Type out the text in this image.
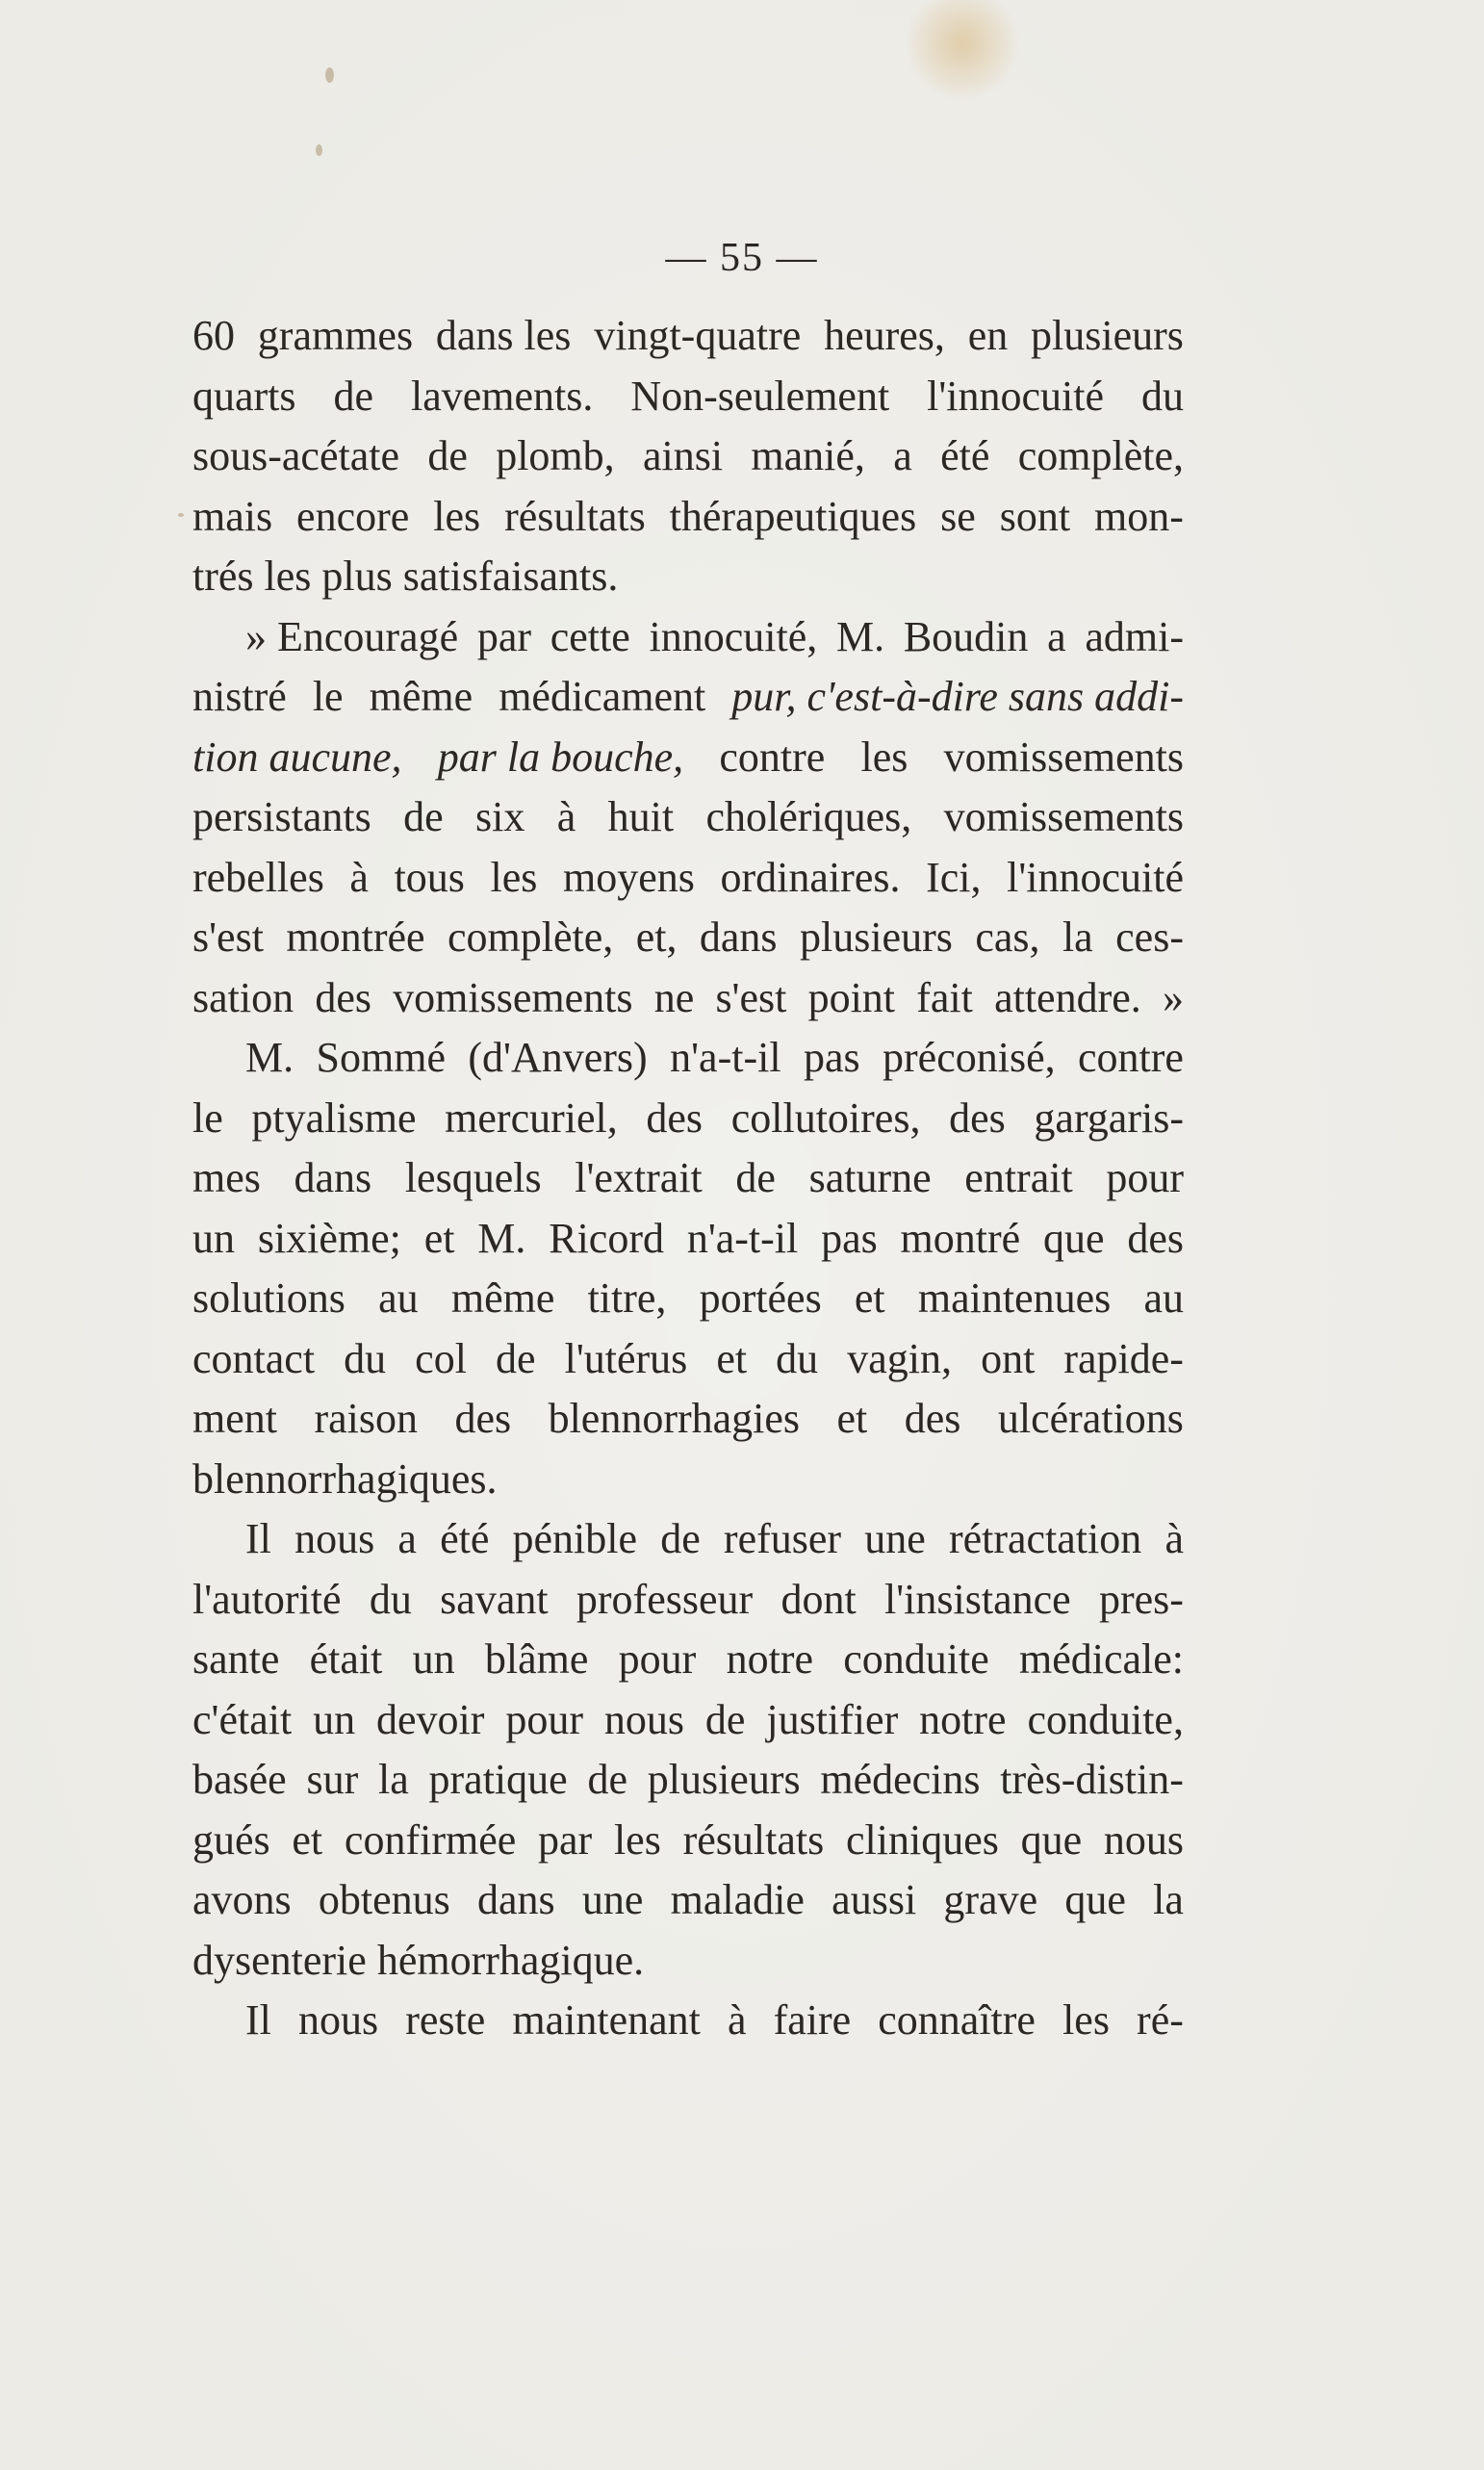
— 55 —
60 grammes dans les vingt-quatre heures, en plusieurs
quarts de lavements. Non-seulement l'innocuité du
sous-acétate de plomb, ainsi manié, a été complète,
mais encore les résultats thérapeutiques se sont mon-
trés les plus satisfaisants.
» Encouragé par cette innocuité, M. Boudin a admi-
nistré le même médicament pur, c'est-à-dire sans addi-
tion aucune, par la bouche, contre les vomissements
persistants de six à huit cholériques, vomissements
rebelles à tous les moyens ordinaires. Ici, l'innocuité
s'est montrée complète, et, dans plusieurs cas, la ces-
sation des vomissements ne s'est point fait attendre. »
M. Sommé (d'Anvers) n'a-t-il pas préconisé, contre
le ptyalisme mercuriel, des collutoires, des gargaris-
mes dans lesquels l'extrait de saturne entrait pour
un sixième; et M. Ricord n'a-t-il pas montré que des
solutions au même titre, portées et maintenues au
contact du col de l'utérus et du vagin, ont rapide-
ment raison des blennorrhagies et des ulcérations
blennorrhagiques.
Il nous a été pénible de refuser une rétractation à
l'autorité du savant professeur dont l'insistance pres-
sante était un blâme pour notre conduite médicale:
c'était un devoir pour nous de justifier notre conduite,
basée sur la pratique de plusieurs médecins très-distin-
gués et confirmée par les résultats cliniques que nous
avons obtenus dans une maladie aussi grave que la
dysenterie hémorrhagique.
Il nous reste maintenant à faire connaître les ré-
